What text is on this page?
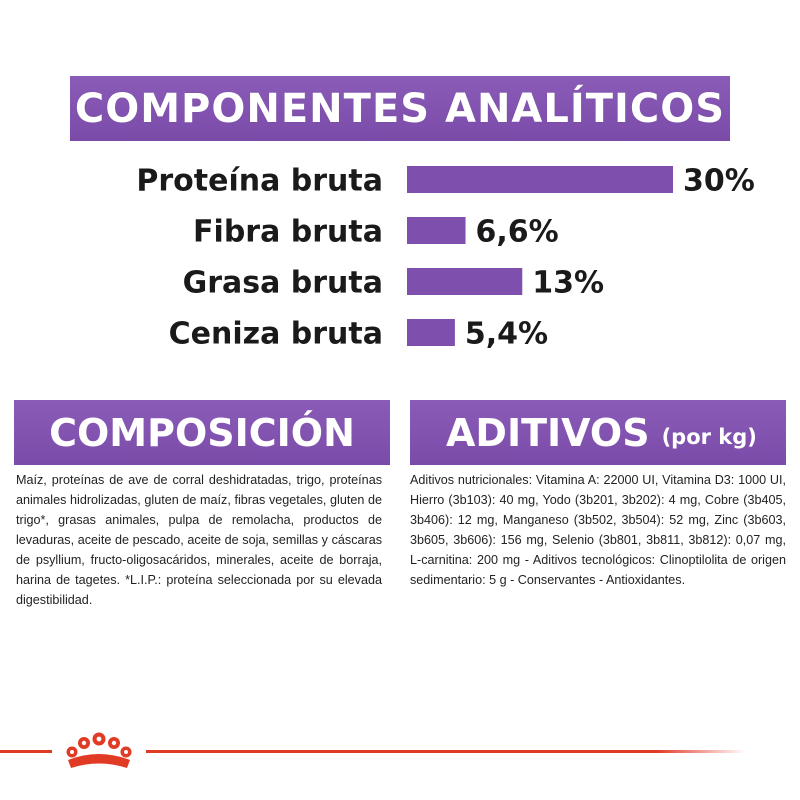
COMPONENTES ANALÍTICOS
Proteína bruta	30%
Fibra bruta	6,6%
Grasa bruta	13%
Ceniza bruta	5,4%
COMPOSICIÓN ADITIVOS (por kg)

Maíz, proteínas de ave de corral deshidratadas, trigo, proteínas animales hidrolizadas, gluten de maíz, fibras vegetales, gluten de trigo*, grasas animales, pulpa de remolacha, productos de levaduras, aceite de pescado, aceite de soja, semillas y cáscaras de psyllium, fructo-oligosacáridos, minerales, aceite de borraja, harina de tagetes. *L.I.P.: proteína seleccionada por su elevada digestibilidad.

Aditivos nutricionales: Vitamina A: 22000 UI, Vitamina D3: 1000 UI, Hierro (3b103): 40 mg, Yodo (3b201, 3b202): 4 mg, Cobre (3b405, 3b406): 12 mg, Manganeso (3b502, 3b504): 52 mg, Zinc (3b603, 3b605, 3b606): 156 mg, Selenio (3b801, 3b811, 3b812): 0,07 mg, L-carnitina: 200 mg - Aditivos tecnológicos: Clinoptilolita de origen sedimentario: 5 g - Conservantes - Antioxidantes.
